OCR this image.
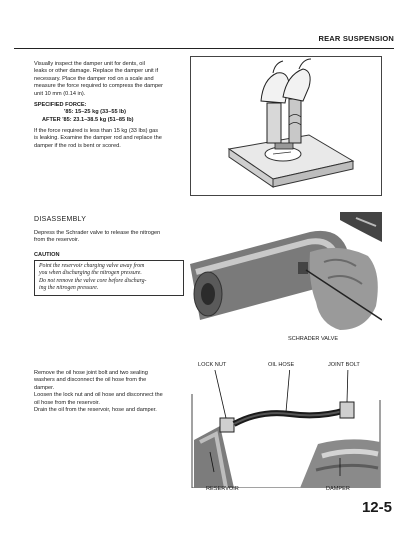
REAR SUSPENSION
Visually inspect the damper unit for dents, oil
leaks or other damage. Replace the damper unit if
necessary. Place the damper rod on a scale and
measure the force required to compress the damper
unit 10 mm (0.14 in).
SPECIFIED FORCE:
'85: 15–25 kg (33–55 lb)
AFTER '85: 23.1–38.5 kg (51–85 lb)
If the force required is less than 15 kg (33 lbs) gas
is leaking. Examine the damper rod and replace the
damper if the rod is bent or scored.
DISASSEMBLY
Depress the Schrader valve to release the nitrogen
from the reservoir.
CAUTION
Point the reservoir charging valve away from
you when discharging the nitrogen pressure.
Do not remove the valve core before discharg-
ing the nitrogen pressure.
SCHRADER VALVE
Remove the oil hose joint bolt and two sealing
washers and disconnect the oil hose from the
damper.
Loosen the lock nut and oil hose and disconnect the
oil hose from the reservoir.
Drain the oil from the reservoir, hose and damper.
LOCK NUT	OIL HOSE	JOINT BOLT
RESERVOIR	DAMPER
12-5
